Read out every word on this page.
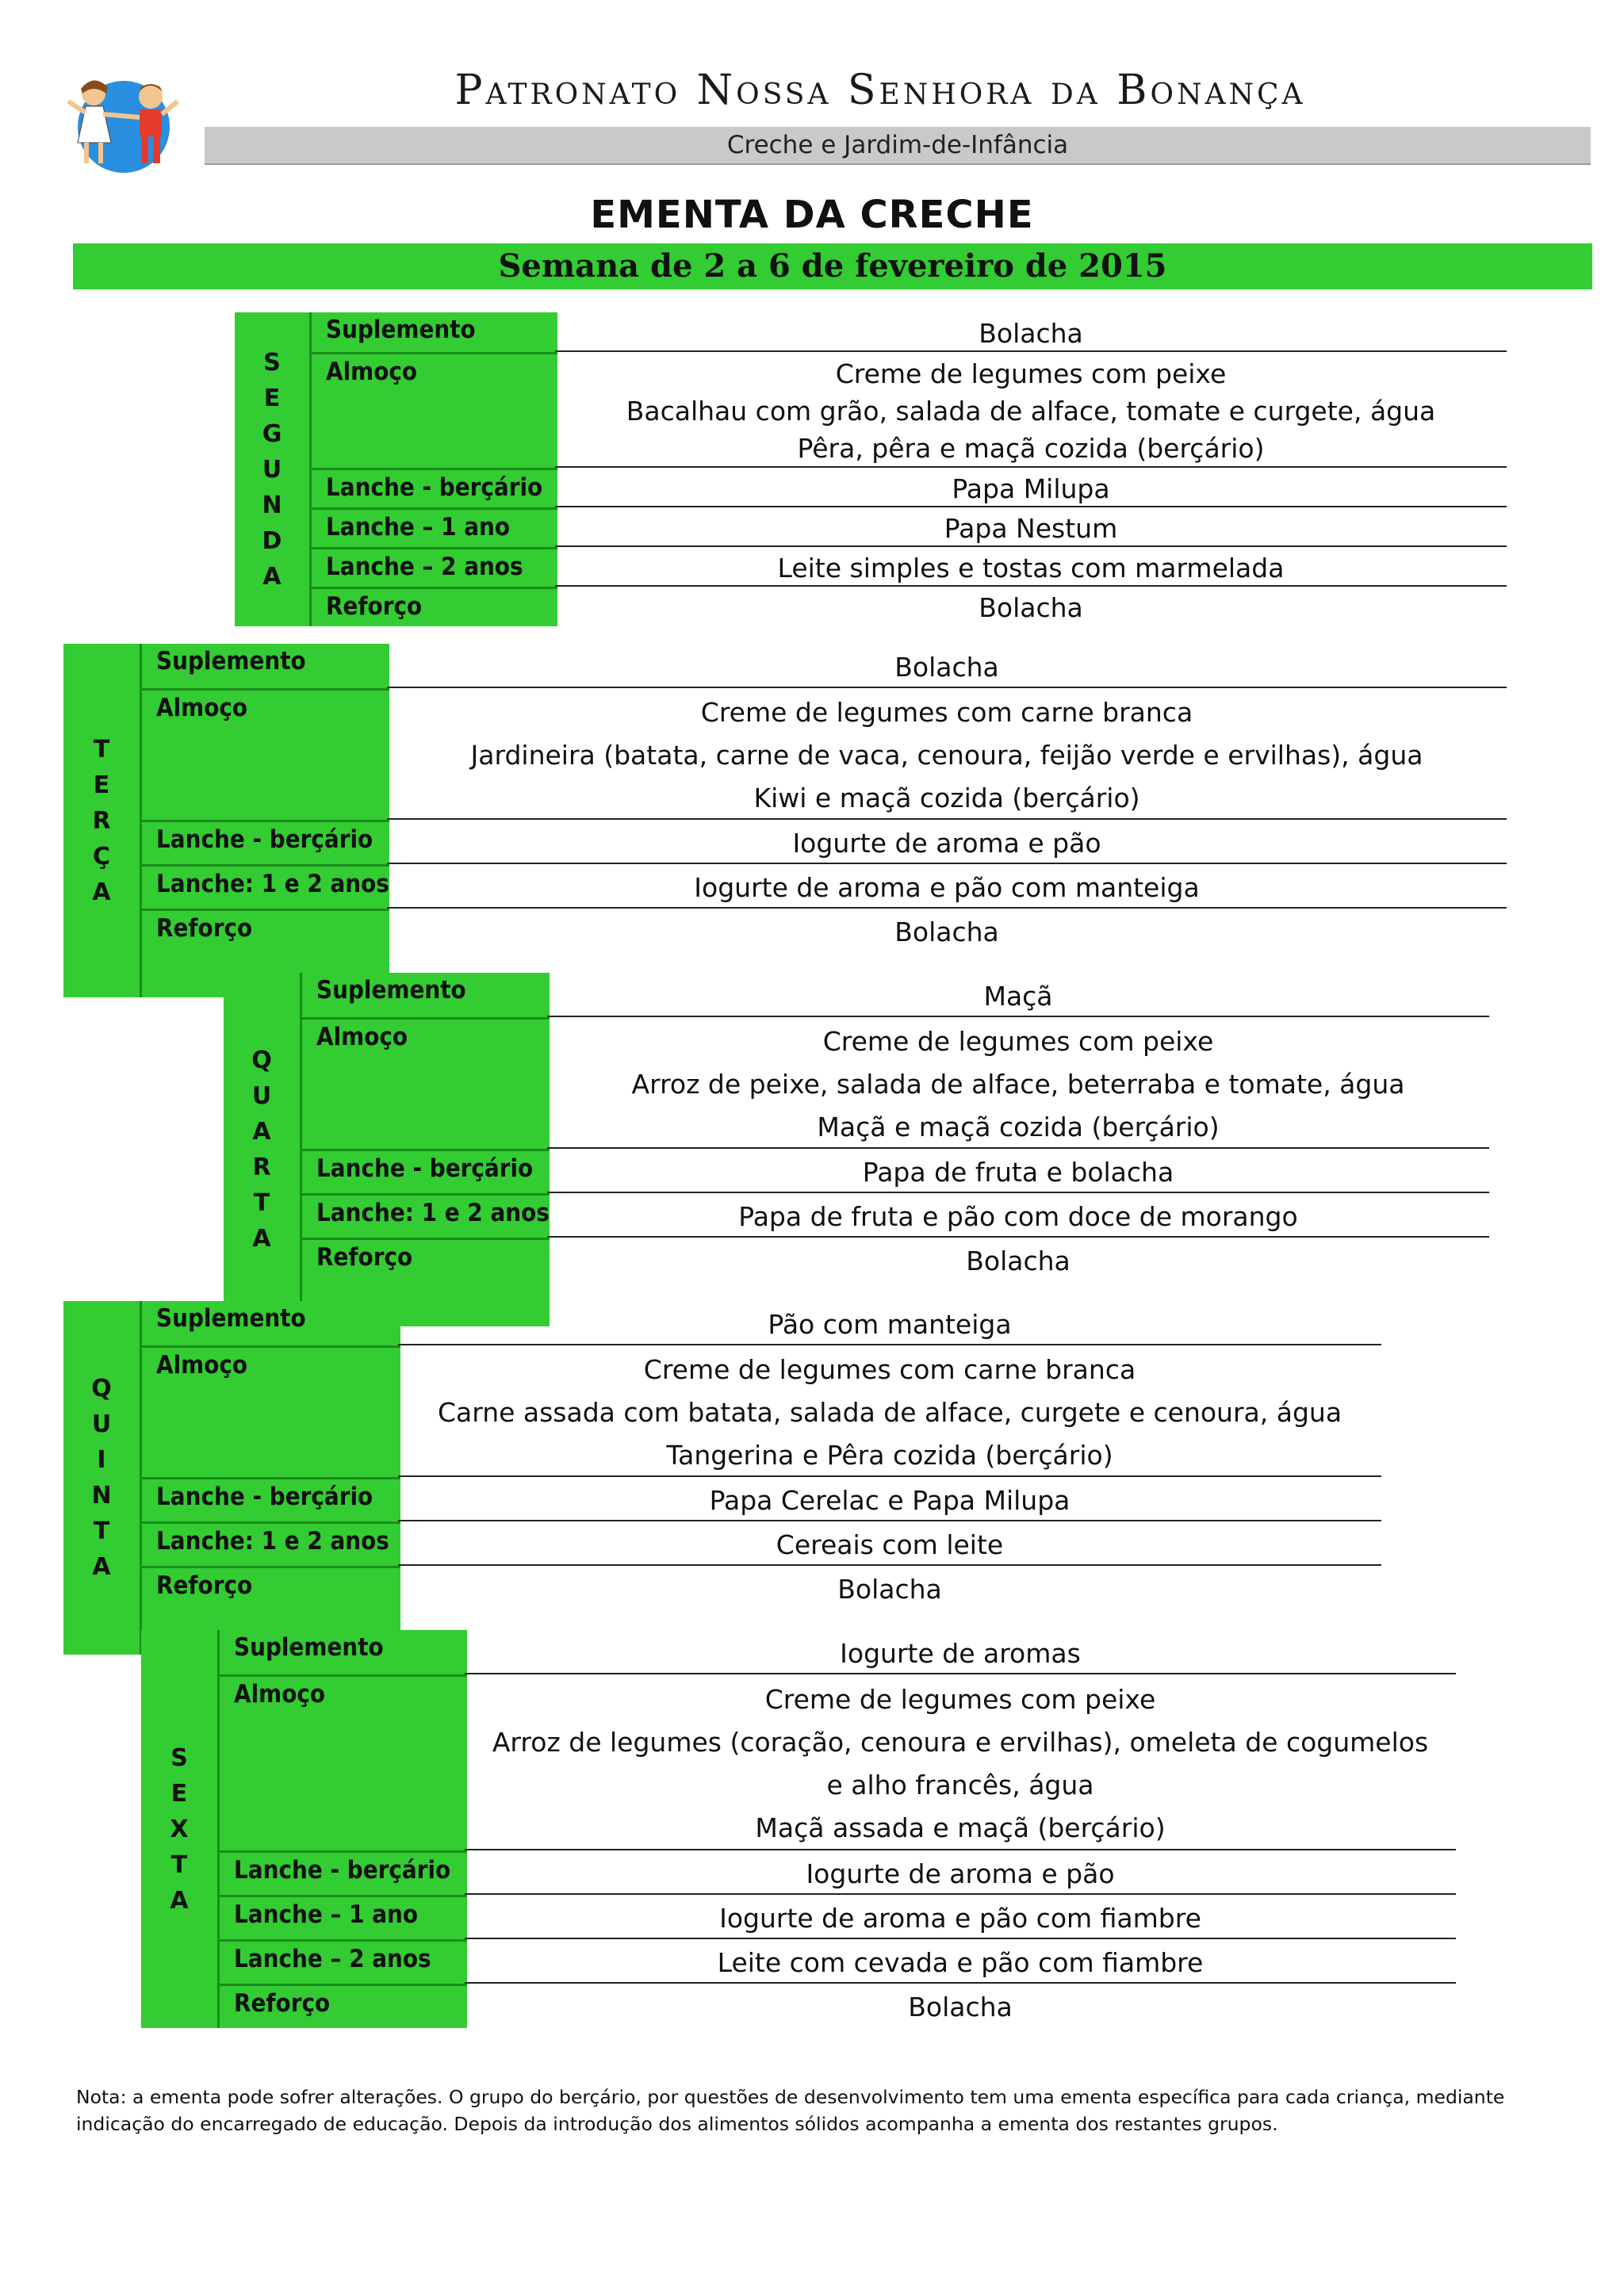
Patronato Nossa Senhora da Bonança
Creche e Jardim-de-Infância
EMENTA DA CRECHE
Semana de 2 a 6 de fevereiro de 2015
SEGUNDA
Suplemento
Almoço
Lanche - berçário
Lanche – 1 ano
Lanche – 2 anos
Reforço
Bolacha
Creme de legumes com peixe
Bacalhau com grão, salada de alface, tomate e curgete, água
Pêra, pêra e maçã cozida (berçário)
Papa Milupa
Papa Nestum
Leite simples e tostas com marmelada
Bolacha
TERÇA
Suplemento
Almoço
Lanche - berçário
Lanche: 1 e 2 anos
Reforço
Bolacha
Creme de legumes com carne branca
Jardineira (batata, carne de vaca, cenoura, feijão verde e ervilhas), água
Kiwi e maçã cozida (berçário)
Iogurte de aroma e pão
Iogurte de aroma e pão com manteiga
Bolacha
QUARTA
Suplemento
Almoço
Lanche - berçário
Lanche: 1 e 2 anos
Reforço
Maçã
Creme de legumes com peixe
Arroz de peixe, salada de alface, beterraba e tomate, água
Maçã e maçã cozida (berçário)
Papa de fruta e bolacha
Papa de fruta e pão com doce de morango
Bolacha
QUINTA
Suplemento
Almoço
Lanche - berçário
Lanche: 1 e 2 anos
Reforço
Pão com manteiga
Creme de legumes com carne branca
Carne assada com batata, salada de alface, curgete e cenoura, água
Tangerina e Pêra cozida (berçário)
Papa Cerelac e Papa Milupa
Cereais com leite
Bolacha
SEXTA
Suplemento
Almoço
Lanche - berçário
Lanche – 1 ano
Lanche – 2 anos
Reforço
Iogurte de aromas
Creme de legumes com peixe
Arroz de legumes (coração, cenoura e ervilhas), omeleta de cogumelos
e alho francês, água
Maçã assada e maçã (berçário)
Iogurte de aroma e pão
Iogurte de aroma e pão com fiambre
Leite com cevada e pão com fiambre
Bolacha
Nota: a ementa pode sofrer alterações. O grupo do berçário, por questões de desenvolvimento tem uma ementa específica para cada criança, mediante indicação do encarregado de educação. Depois da introdução dos alimentos sólidos acompanha a ementa dos restantes grupos.
